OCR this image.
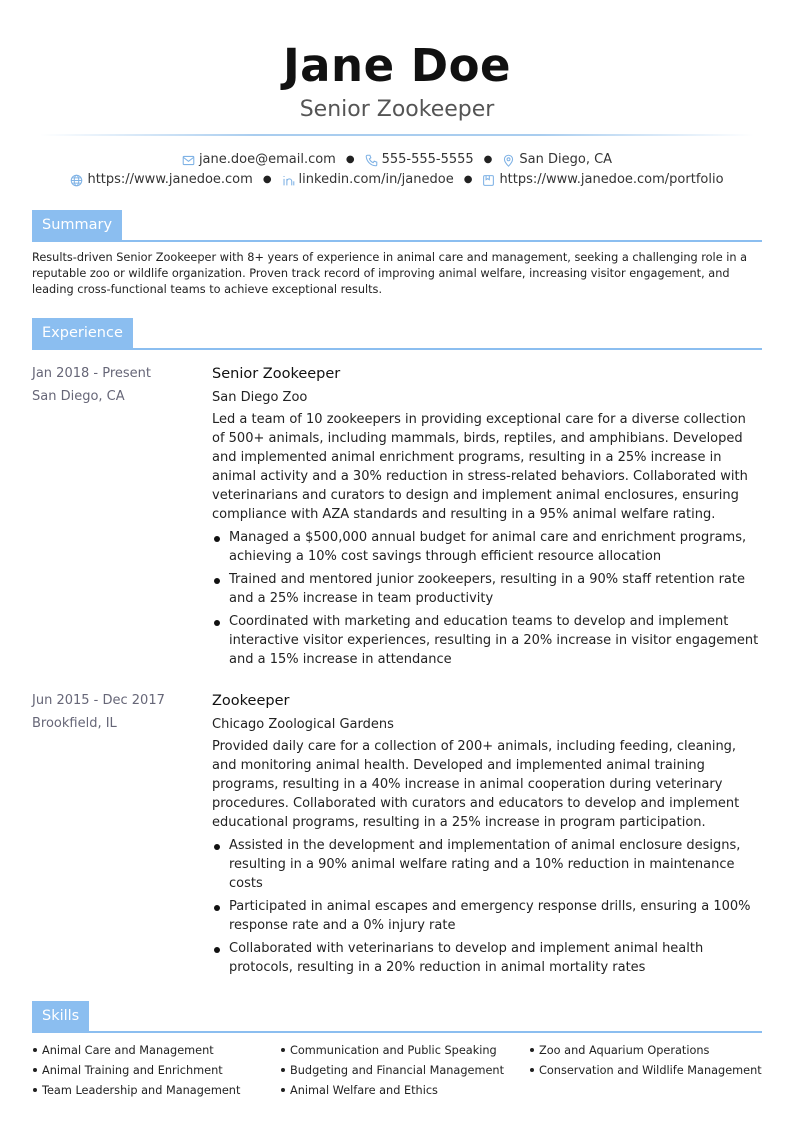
Jane Doe
Senior Zookeeper
jane.doe@email.com ● 555-555-5555 ● San Diego, CA
https://www.janedoe.com ● linkedin.com/in/janedoe ● https://www.janedoe.com/portfolio
Summary
Results-driven Senior Zookeeper with 8+ years of experience in animal care and management, seeking a challenging role in a reputable zoo or wildlife organization. Proven track record of improving animal welfare, increasing visitor engagement, and leading cross-functional teams to achieve exceptional results.
Experience
Jan 2018 - Present
San Diego, CA
Senior Zookeeper
San Diego Zoo
Led a team of 10 zookeepers in providing exceptional care for a diverse collection of 500+ animals, including mammals, birds, reptiles, and amphibians. Developed and implemented animal enrichment programs, resulting in a 25% increase in animal activity and a 30% reduction in stress-related behaviors. Collaborated with veterinarians and curators to design and implement animal enclosures, ensuring compliance with AZA standards and resulting in a 95% animal welfare rating.
Managed a $500,000 annual budget for animal care and enrichment programs, achieving a 10% cost savings through efficient resource allocation
Trained and mentored junior zookeepers, resulting in a 90% staff retention rate and a 25% increase in team productivity
Coordinated with marketing and education teams to develop and implement interactive visitor experiences, resulting in a 20% increase in visitor engagement and a 15% increase in attendance
Jun 2015 - Dec 2017
Brookfield, IL
Zookeeper
Chicago Zoological Gardens
Provided daily care for a collection of 200+ animals, including feeding, cleaning, and monitoring animal health. Developed and implemented animal training programs, resulting in a 40% increase in animal cooperation during veterinary procedures. Collaborated with curators and educators to develop and implement educational programs, resulting in a 25% increase in program participation.
Assisted in the development and implementation of animal enclosure designs, resulting in a 90% animal welfare rating and a 10% reduction in maintenance costs
Participated in animal escapes and emergency response drills, ensuring a 100% response rate and a 0% injury rate
Collaborated with veterinarians to develop and implement animal health protocols, resulting in a 20% reduction in animal mortality rates
Skills
Animal Care and Management	Communication and Public Speaking	Zoo and Aquarium Operations
Animal Training and Enrichment	Budgeting and Financial Management	Conservation and Wildlife Management
Team Leadership and Management	Animal Welfare and Ethics
